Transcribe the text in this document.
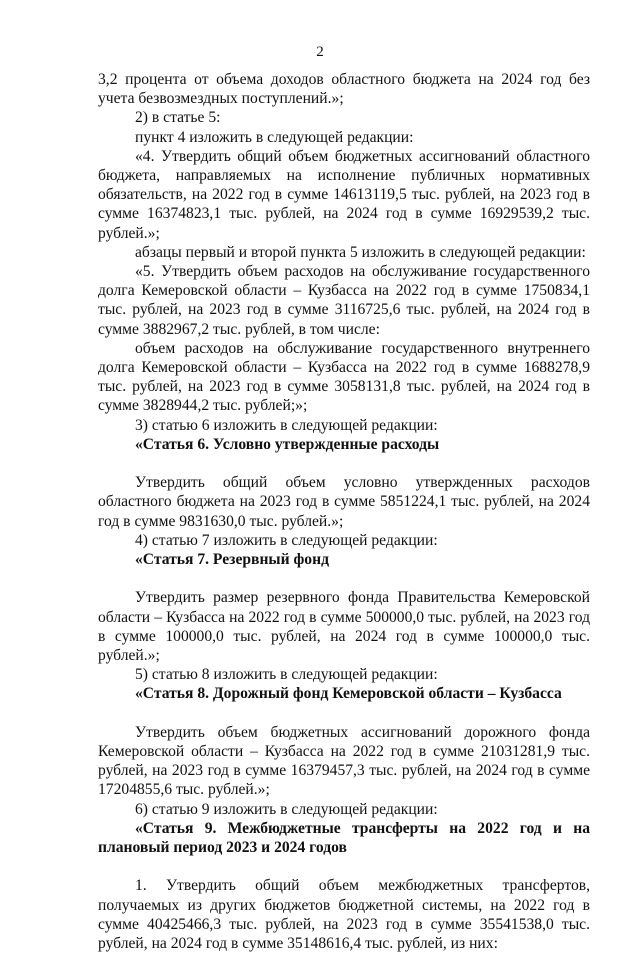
2

3,2 процента от объема доходов областного бюджета на 2024 год без учета безвозмездных поступлений.»;

2) в статье 5:

пункт 4 изложить в следующей редакции:

«4. Утвердить общий объем бюджетных ассигнований областного бюджета, направляемых на исполнение публичных нормативных обязательств, на 2022 год в сумме 14613119,5 тыс. рублей, на 2023 год в сумме 16374823,1 тыс. рублей, на 2024 год в сумме 16929539,2 тыс. рублей.»;

абзацы первый и второй пункта 5 изложить в следующей редакции:

«5. Утвердить объем расходов на обслуживание государственного долга Кемеровской области – Кузбасса на 2022 год в сумме 1750834,1 тыс. рублей, на 2023 год в сумме 3116725,6 тыс. рублей, на 2024 год в сумме 3882967,2 тыс. рублей, в том числе:

объем расходов на обслуживание государственного внутреннего долга Кемеровской области – Кузбасса на 2022 год в сумме 1688278,9 тыс. рублей, на 2023 год в сумме 3058131,8 тыс. рублей, на 2024 год в сумме 3828944,2 тыс. рублей;»;

3) статью 6 изложить в следующей редакции:

«Статья 6. Условно утвержденные расходы

Утвердить общий объем условно утвержденных расходов областного бюджета на 2023 год в сумме 5851224,1 тыс. рублей, на 2024 год в сумме 9831630,0 тыс. рублей.»;

4) статью 7 изложить в следующей редакции:

«Статья 7. Резервный фонд

Утвердить размер резервного фонда Правительства Кемеровской области – Кузбасса на 2022 год в сумме 500000,0 тыс. рублей, на 2023 год в сумме 100000,0 тыс. рублей, на 2024 год в сумме 100000,0 тыс. рублей.»;

5) статью 8 изложить в следующей редакции:

«Статья 8. Дорожный фонд Кемеровской области – Кузбасса

Утвердить объем бюджетных ассигнований дорожного фонда Кемеровской области – Кузбасса на 2022 год в сумме 21031281,9 тыс. рублей, на 2023 год в сумме 16379457,3 тыс. рублей, на 2024 год в сумме 17204855,6 тыс. рублей.»;

6) статью 9 изложить в следующей редакции:

«Статья 9. Межбюджетные трансферты на 2022 год и на плановый период 2023 и 2024 годов

1. Утвердить общий объем межбюджетных трансфертов, получаемых из других бюджетов бюджетной системы, на 2022 год в сумме 40425466,3 тыс. рублей, на 2023 год в сумме 35541538,0 тыс. рублей, на 2024 год в сумме 35148616,4 тыс. рублей, из них:
